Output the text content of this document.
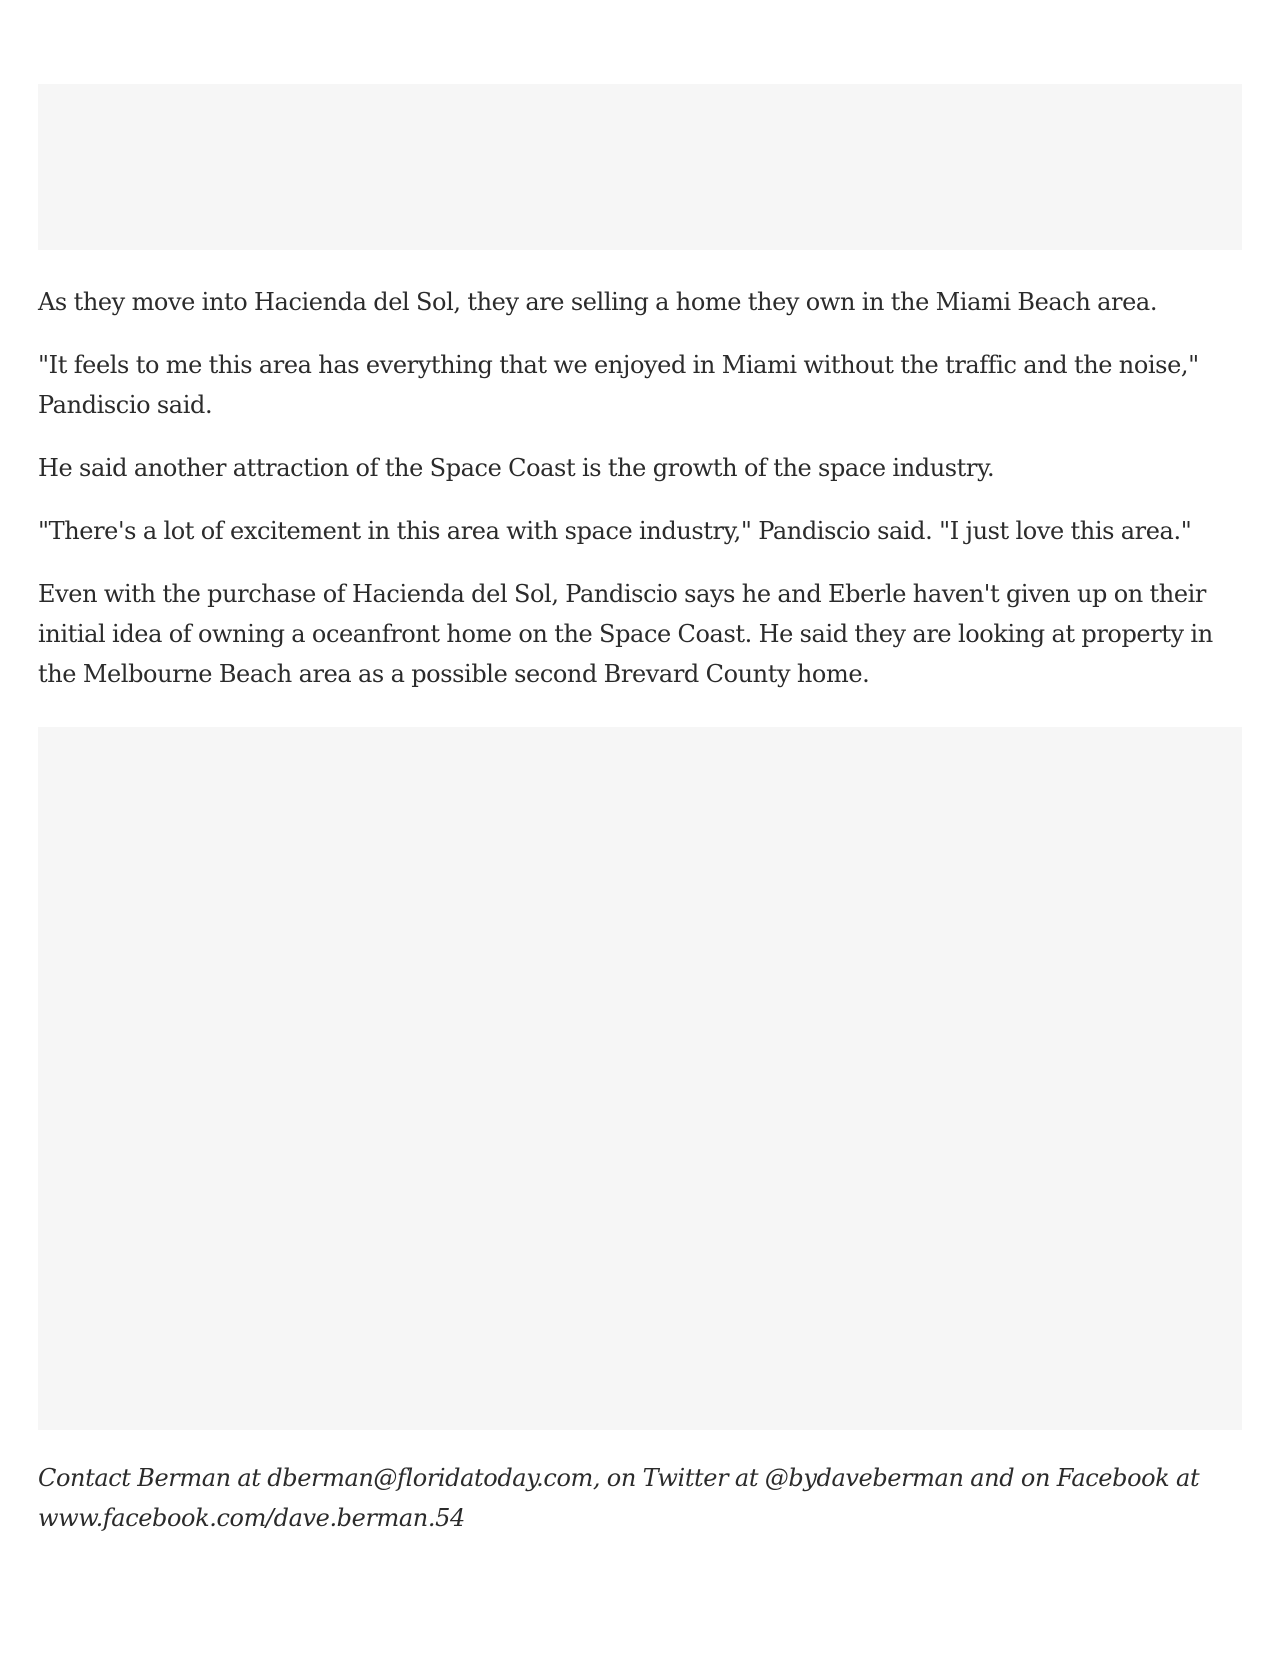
As they move into Hacienda del Sol, they are selling a home they own in the Miami Beach area.

"It feels to me this area has everything that we enjoyed in Miami without the traffic and the noise," Pandiscio said.

He said another attraction of the Space Coast is the growth of the space industry.

"There's a lot of excitement in this area with space industry," Pandiscio said. "I just love this area."

Even with the purchase of Hacienda del Sol, Pandiscio says he and Eberle haven't given up on their initial idea of owning a oceanfront home on the Space Coast. He said they are looking at property in the Melbourne Beach area as a possible second Brevard County home.

Contact Berman at dberman@floridatoday.com, on Twitter at @bydaveberman and on Facebook at www.facebook.com/dave.berman.54
